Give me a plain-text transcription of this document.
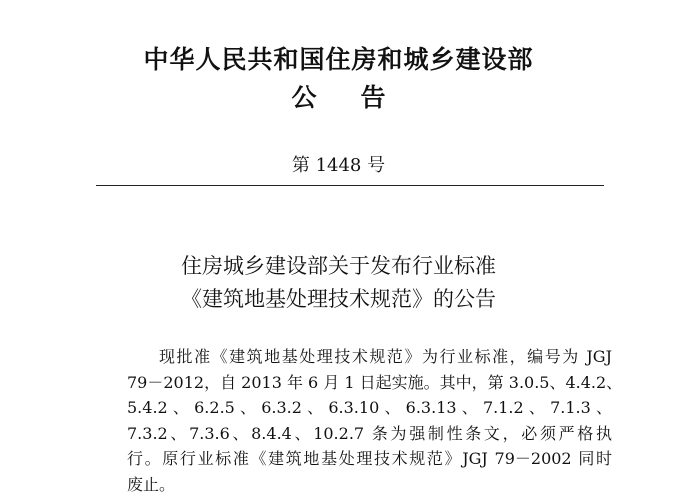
中华人民共和国住房和城乡建设部
公告
第 1448 号
住房城乡建设部关于发布行业标准
《建筑地基处理技术规范》的公告
现批准《建筑地基处理技术规范》为行业标准，编号为 JGJ
79－2012，自 2013 年 6 月 1 日起实施。其中，第 3.0.5、4.4.2、
5.4.2、6.2.5、6.3.2、6.3.10、6.3.13、7.1.2、7.1.3、
7.3.2、7.3.6、8.4.4、10.2.7 条为强制性条文，必须严格执
行。原行业标准《建筑地基处理技术规范》JGJ 79－2002 同时
废止。
